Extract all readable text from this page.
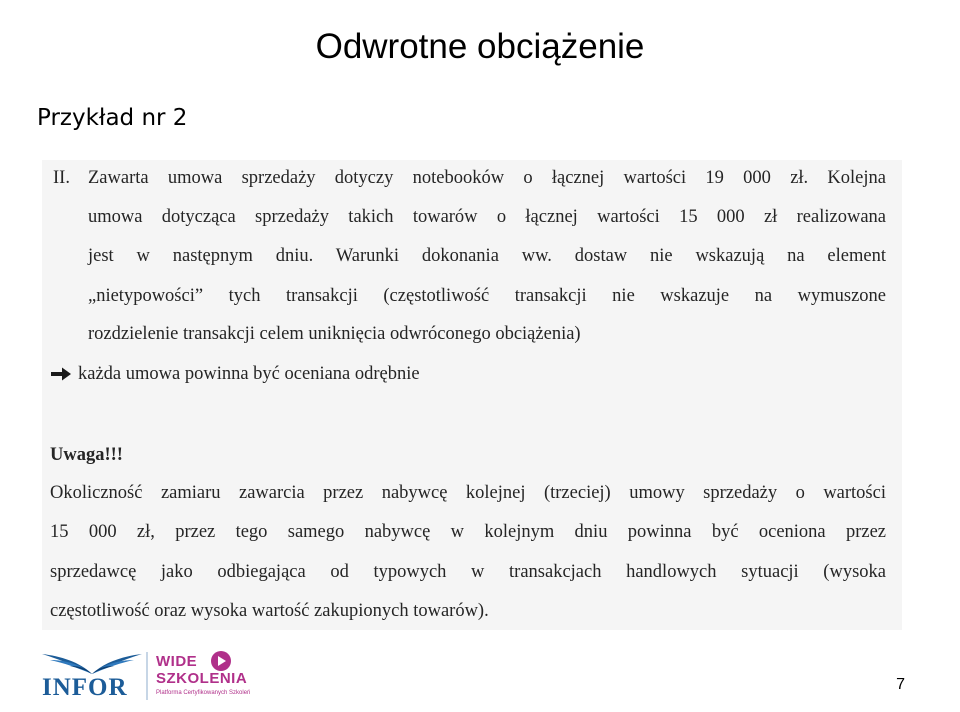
Odwrotne obciążenie
Przykład nr 2
II. Zawarta umowa sprzedaży dotyczy notebooków o łącznej wartości 19 000 zł. Kolejna
umowa dotycząca sprzedaży takich towarów o łącznej wartości 15 000 zł realizowana
jest w następnym dniu. Warunki dokonania ww. dostaw nie wskazują na element
„nietypowości” tych transakcji (częstotliwość transakcji nie wskazuje na wymuszone
rozdzielenie transakcji celem uniknięcia odwróconego obciążenia)
każda umowa powinna być oceniana odrębnie
Uwaga!!!
Okoliczność zamiaru zawarcia przez nabywcę kolejnej (trzeciej) umowy sprzedaży o wartości
15 000 zł, przez tego samego nabywcę w kolejnym dniu powinna być oceniona przez
sprzedawcę jako odbiegająca od typowych w transakcjach handlowych sytuacji (wysoka
częstotliwość oraz wysoka wartość zakupionych towarów).
INFOR
WIDE
SZKOLENIA
Platforma Certyfikowanych Szkoleń	7
